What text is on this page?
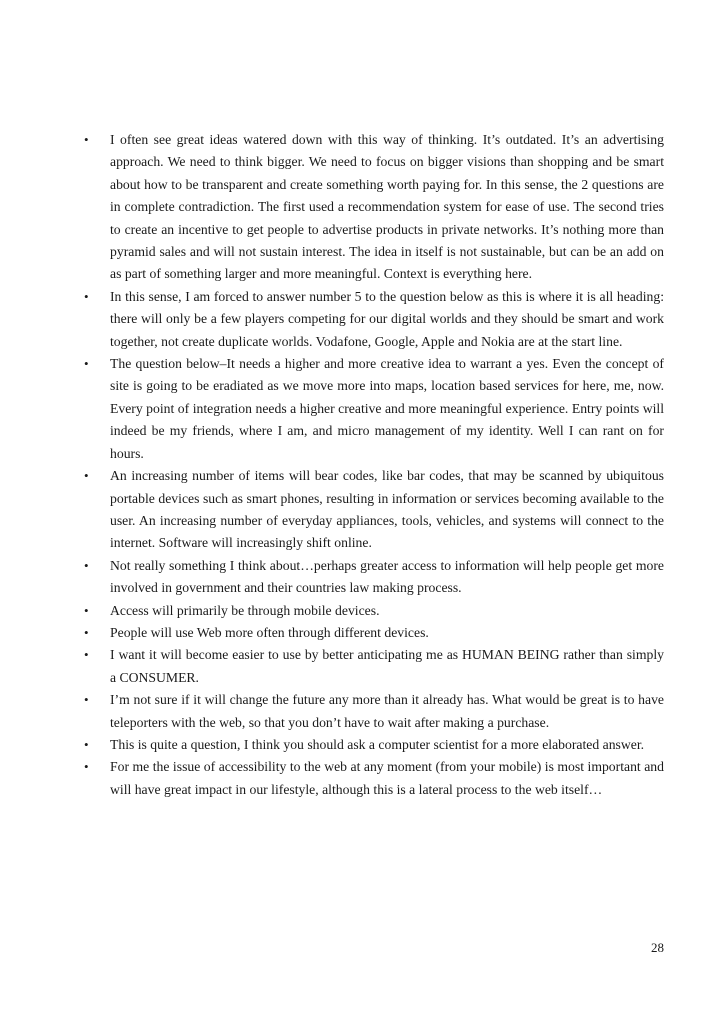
•	I often see great ideas watered down with this way of thinking. It’s outdated. It’s an advertising approach. We need to think bigger. We need to focus on bigger visions than shopping and be smart about how to be transparent and create something worth paying for. In this sense, the 2 questions are in complete contradiction. The first used a recommendation system for ease of use. The second tries to create an incentive to get people to advertise products in private networks. It’s nothing more than pyramid sales and will not sustain interest. The idea in itself is not sustainable, but can be an add on as part of something larger and more meaningful. Context is everything here.
•	In this sense, I am forced to answer number 5 to the question below as this is where it is all heading: there will only be a few players competing for our digital worlds and they should be smart and work together, not create duplicate worlds. Vodafone, Google, Apple and Nokia are at the start line.
•	The question below–It needs a higher and more creative idea to warrant a yes. Even the concept of site is going to be eradiated as we move more into maps, location based services for here, me, now. Every point of integration needs a higher creative and more meaningful experience. Entry points will indeed be my friends, where I am, and micro management of my identity. Well I can rant on for hours.
•	An increasing number of items will bear codes, like bar codes, that may be scanned by ubiquitous portable devices such as smart phones, resulting in information or services becoming available to the user. An increasing number of everyday appliances, tools, vehicles, and systems will connect to the internet. Software will increasingly shift online.
•	Not really something I think about…perhaps greater access to information will help people get more involved in government and their countries law making process.
•	Access will primarily be through mobile devices.
•	People will use Web more often through different devices.
•	I want it will become easier to use by better anticipating me as HUMAN BEING rather than simply a CONSUMER.
•	I’m not sure if it will change the future any more than it already has. What would be great is to have teleporters with the web, so that you don’t have to wait after making a purchase.
•	This is quite a question, I think you should ask a computer scientist for a more elaborated answer.
•	For me the issue of accessibility to the web at any moment (from your mobile) is most important and will have great impact in our lifestyle, although this is a lateral process to the web itself…
28
